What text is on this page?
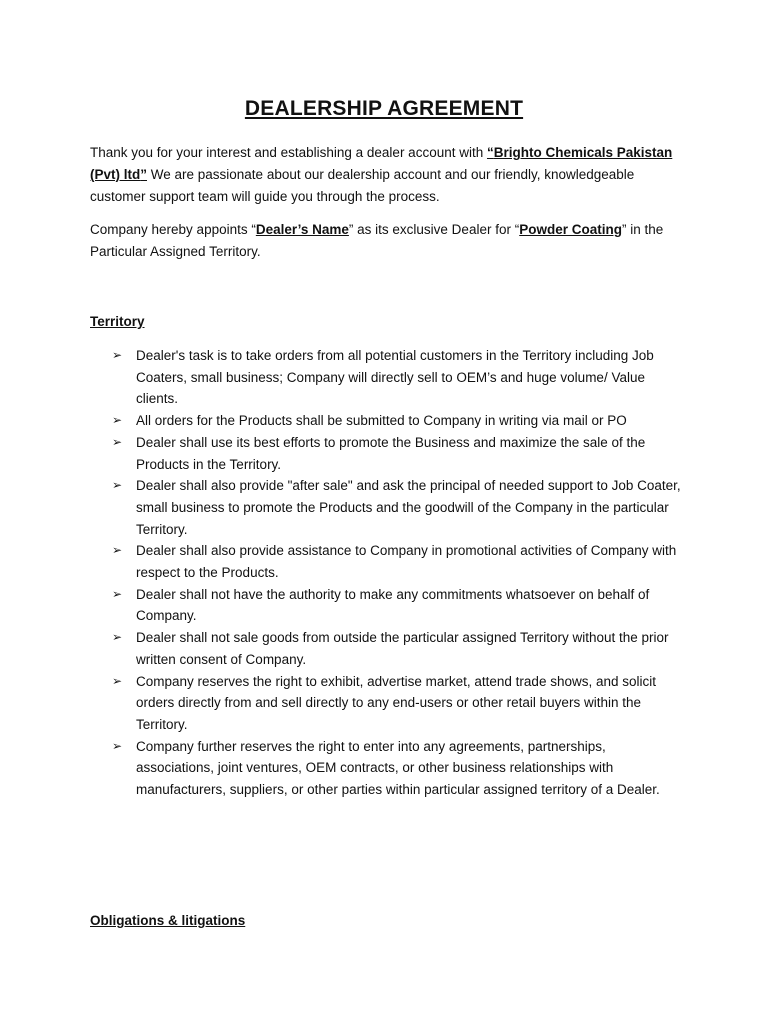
DEALERSHIP AGREEMENT
Thank you for your interest and establishing a dealer account with “Brighto Chemicals Pakistan (Pvt) ltd” We are passionate about our dealership account and our friendly, knowledgeable customer support team will guide you through the process.
Company hereby appoints “Dealer’s Name” as its exclusive Dealer for “Powder Coating” in the Particular Assigned Territory.
Territory
➢ Dealer's task is to take orders from all potential customers in the Territory including Job Coaters, small business; Company will directly sell to OEM’s and huge volume/ Value clients.
➢ All orders for the Products shall be submitted to Company in writing via mail or PO
➢ Dealer shall use its best efforts to promote the Business and maximize the sale of the Products in the Territory.
➢ Dealer shall also provide "after sale" and ask the principal of needed support to Job Coater, small business to promote the Products and the goodwill of the Company in the particular Territory.
➢ Dealer shall also provide assistance to Company in promotional activities of Company with respect to the Products.
➢ Dealer shall not have the authority to make any commitments whatsoever on behalf of Company.
➢ Dealer shall not sale goods from outside the particular assigned Territory without the prior written consent of Company.
➢ Company reserves the right to exhibit, advertise market, attend trade shows, and solicit orders directly from and sell directly to any end-users or other retail buyers within the Territory.
➢ Company further reserves the right to enter into any agreements, partnerships, associations, joint ventures, OEM contracts, or other business relationships with manufacturers, suppliers, or other parties within particular assigned territory of a Dealer.
Obligations & litigations
